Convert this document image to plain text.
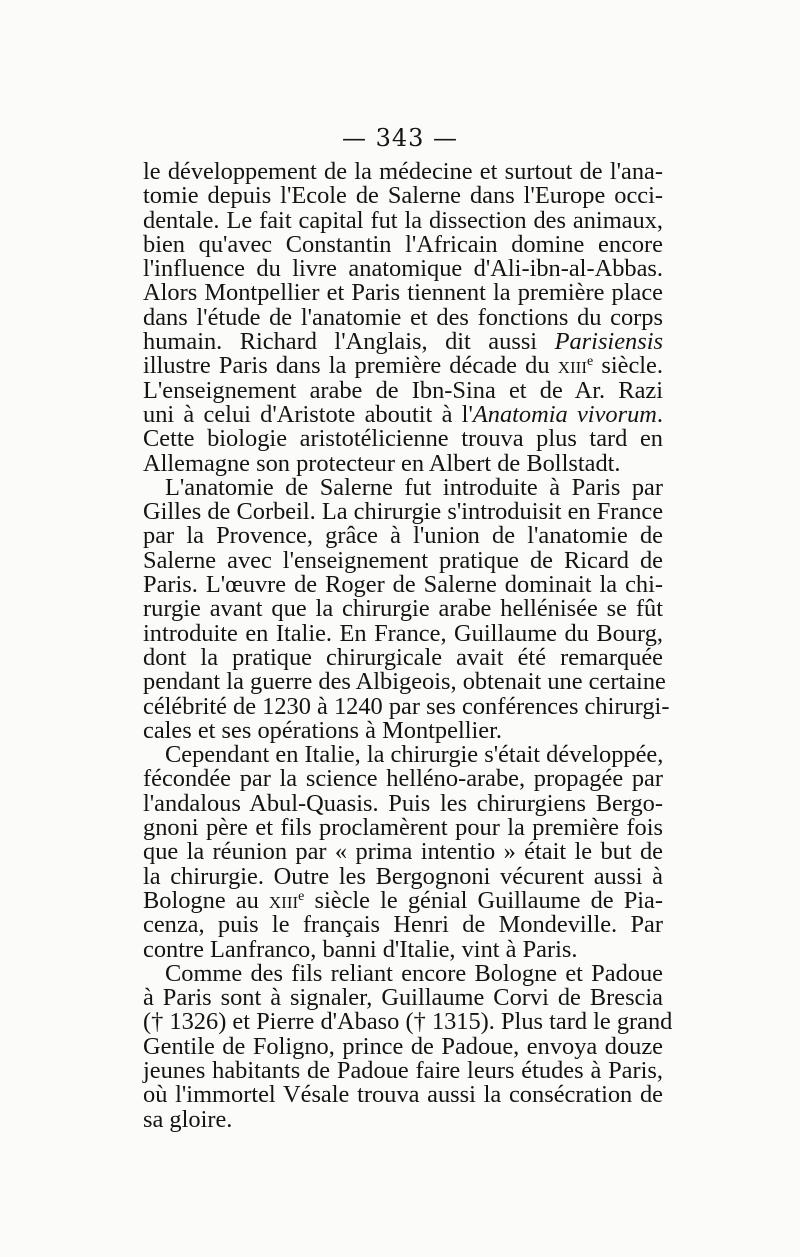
— 343 —
le développement de la médecine et surtout de l'ana-
tomie depuis l'Ecole de Salerne dans l'Europe occi-
dentale. Le fait capital fut la dissection des animaux,
bien qu'avec Constantin l'Africain domine encore
l'influence du livre anatomique d'Ali-ibn-al-Abbas.
Alors Montpellier et Paris tiennent la première place
dans l'étude de l'anatomie et des fonctions du corps
humain. Richard l'Anglais, dit aussi Parisiensis
illustre Paris dans la première décade du xiii$^e$ siècle.
L'enseignement arabe de Ibn-Sina et de Ar. Razi
uni à celui d'Aristote aboutit à l'Anatomia vivorum.
Cette biologie aristotélicienne trouva plus tard en
Allemagne son protecteur en Albert de Bollstadt.
L'anatomie de Salerne fut introduite à Paris par
Gilles de Corbeil. La chirurgie s'introduisit en France
par la Provence, grâce à l'union de l'anatomie de
Salerne avec l'enseignement pratique de Ricard de
Paris. L'œuvre de Roger de Salerne dominait la chi-
rurgie avant que la chirurgie arabe hellénisée se fût
introduite en Italie. En France, Guillaume du Bourg,
dont la pratique chirurgicale avait été remarquée
pendant la guerre des Albigeois, obtenait une certaine
célébrité de 1230 à 1240 par ses conférences chirurgi-
cales et ses opérations à Montpellier.
Cependant en Italie, la chirurgie s'était développée,
fécondée par la science helléno-arabe, propagée par
l'andalous Abul-Quasis. Puis les chirurgiens Bergo-
gnoni père et fils proclamèrent pour la première fois
que la réunion par « prima intentio » était le but de
la chirurgie. Outre les Bergognoni vécurent aussi à
Bologne au xiii$^e$ siècle le génial Guillaume de Pia-
cenza, puis le français Henri de Mondeville. Par
contre Lanfranco, banni d'Italie, vint à Paris.
Comme des fils reliant encore Bologne et Padoue
à Paris sont à signaler, Guillaume Corvi de Brescia
(† 1326) et Pierre d'Abaso († 1315). Plus tard le grand
Gentile de Foligno, prince de Padoue, envoya douze
jeunes habitants de Padoue faire leurs études à Paris,
où l'immortel Vésale trouva aussi la consécration de
sa gloire.
